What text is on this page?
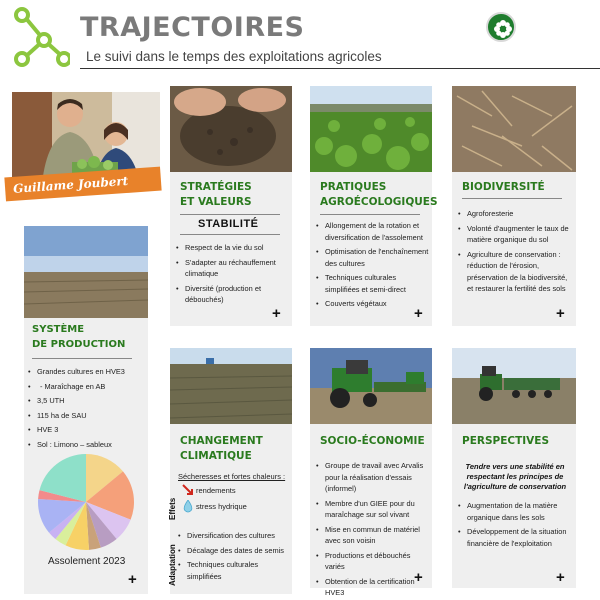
TRAJECTOIRES
Le suivi dans le temps des exploitations agricoles
Guillame Joubert
SYSTÈME
DE PRODUCTION
• Grandes cultures en HVE3
• - Maraîchage en AB
• 3,5 UTH
• 115 ha de SAU
• HVE 3
• Sol : Limono – sableux
Assolement 2023
+
STRATÉGIES
ET VALEURS
STABILITÉ
• Respect de la vie du sol
• S'adapter au réchauffement climatique
• Diversité (production et débouchés)
+
PRATIQUES
AGROÉCOLOGIQUES
• Allongement de la rotation et diversification de l'assolement
• Optimisation de l'enchaînement des cultures
• Techniques culturales simplifiées et semi-direct
• Couverts végétaux
+
BIODIVERSITÉ
• Agroforesterie
• Volonté d'augmenter le taux de matière organique du sol
• Agriculture de conservation : réduction de l'érosion, préservation de la biodiversité, et restaurer la fertilité des sols
+
CHANGEMENT
CLIMATIQUE
Sécheresses et fortes chaleurs :
Effets
rendements
stress hydrique
Adaptation
• Diversification des cultures
• Décalage des dates de semis
• Techniques culturales simplifiées
SOCIO-ÉCONOMIE
• Groupe de travail avec Arvalis pour la réalisation d'essais (informel)
• Membre d'un GIEE pour du maraîchage sur sol vivant
• Mise en commun de matériel avec son voisin
• Productions et débouchés variés
• Obtention de la certification HVE3
+
PERSPECTIVES
Tendre vers une stabilité en respectant les principes de l'agriculture de conservation
• Augmentation de la matière organique dans les sols
• Développement de la situation financière de l'exploitation
+
